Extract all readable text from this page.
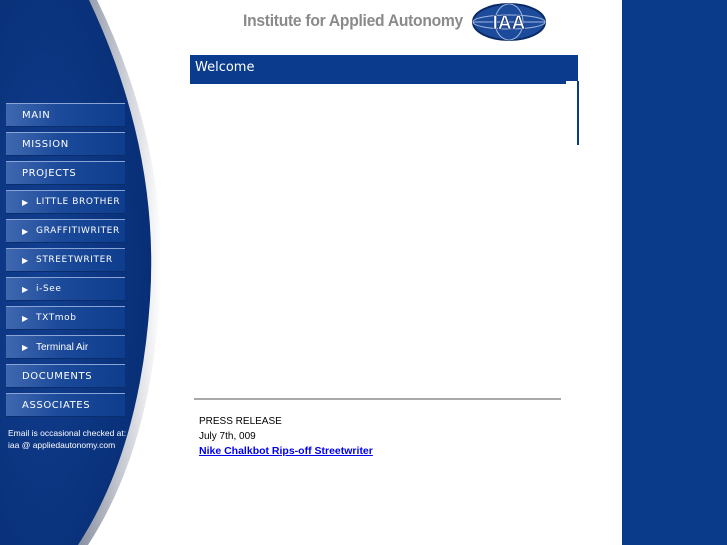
MAIN
MISSION
PROJECTS
▶ LITTLE BROTHER
▶ GRAFFITIWRITER
▶ STREETWRITER
▶ i-See
▶ TXTmob
▶ Terminal Air
DOCUMENTS
ASSOCIATES
Email is occasional checked at:
iaa @ appliedautonomy.com
Institute for Applied Autonomy IAA
Welcome
PRESS RELEASE
July 7th, 009
Nike Chalkbot Rips-off Streetwriter
